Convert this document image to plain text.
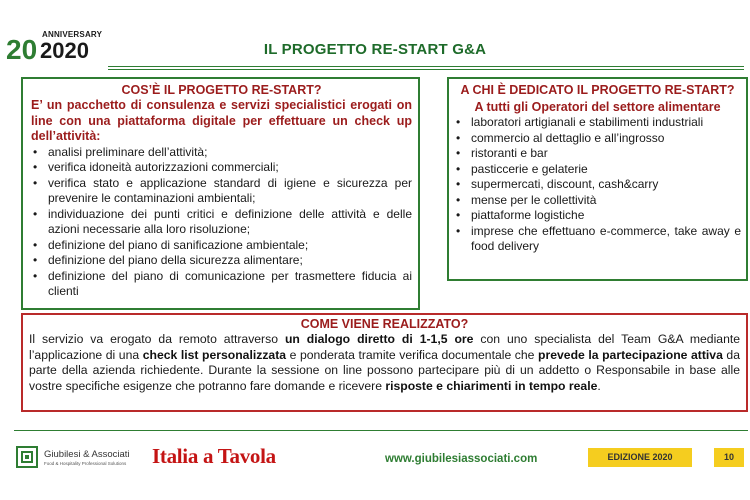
ANNIVERSARY
20 2020	IL PROGETTO RE-START G&A
COS’È IL PROGETTO RE-START?
E’ un pacchetto di consulenza e servizi specialistici erogati on line con una piattaforma digitale per effettuare un check up dell’attività:
• analisi preliminare dell’attività;
• verifica idoneità autorizzazioni commerciali;
• verifica stato e applicazione standard di igiene e sicurezza per prevenire le contaminazioni ambientali;
• individuazione dei punti critici e definizione delle attività e delle azioni necessarie alla loro risoluzione;
• definizione del piano di sanificazione ambientale;
• definizione del piano della sicurezza alimentare;
• definizione del piano di comunicazione per trasmettere fiducia ai clienti
A CHI È DEDICATO IL PROGETTO RE-START?
A tutti gli Operatori del settore alimentare
• laboratori artigianali e stabilimenti industriali
• commercio al dettaglio e all’ingrosso
• ristoranti e bar
• pasticcerie e gelaterie
• supermercati, discount, cash&carry
• mense per le collettività
• piattaforme logistiche
• imprese che effettuano e-commerce, take away e food delivery
COME VIENE REALIZZATO?
Il servizio va erogato da remoto attraverso un dialogo diretto di 1-1,5 ore con uno specialista del Team G&A mediante l’applicazione di una check list personalizzata e ponderata tramite verifica documentale che prevede la partecipazione attiva da parte della azienda richiedente. Durante la sessione on line possono partecipare più di un addetto o Responsabile in base alle vostre specifiche esigenze che potranno fare domande e ricevere risposte e chiarimenti in tempo reale.
Giubilesi & Associati
Food & Hospitality Professional Solutions Italia a Tavola	www.giubilesiassociati.com	EDIZIONE 2020	10
